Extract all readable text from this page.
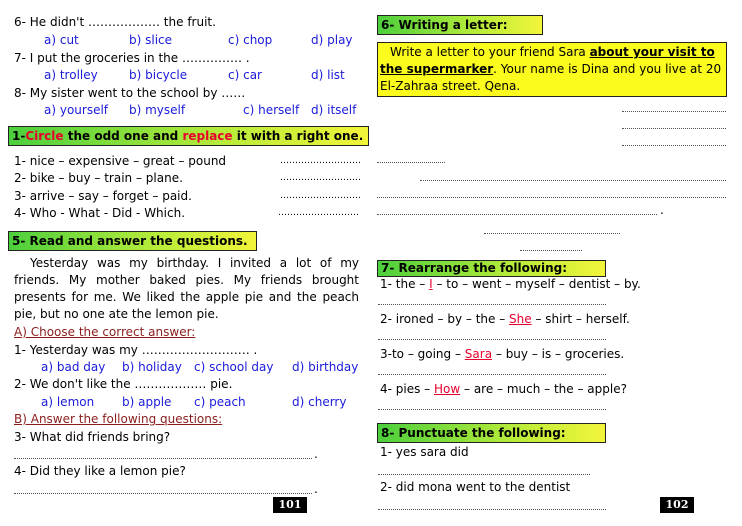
6- He didn't ……………… the fruit.
a) cut	b) slice	c) chop	d) play
7- I put the groceries in the …………… .
a) trolley	b) bicycle	c) car	d) list
8- My sister went to the school by ……
a) yourself b) myself	c) herself d) itself
1-Circle the odd one and replace it with a right one.
1- nice – expensive – great – pound	………………………
2- bike – buy – train – plane.	………………………
3- arrive – say – forget – paid.	………………………
4- Who - What - Did - Which.	………………………
5- Read and answer the questions.
Yesterday was my birthday. I invited a lot of my friends. My mother baked pies. My friends brought presents for me. We liked the apple pie and the peach pie, but no one ate the lemon pie.
A) Choose the correct answer:
1- Yesterday was my ……………………… .
a) bad day b) holiday c) school day d) birthday
2- We don't like the ……………… pie.
a) lemon b) apple c) peach	d) cherry
B) Answer the following questions:
3- What did friends bring?
.
4- Did they like a lemon pie?
.
101
6- Writing a letter:
Write a letter to your friend Sara about your visit to the supermarker. Your name is Dina and you live at 20 El-Zahraa street. Qena.
.
7- Rearrange the following:
1- the – I – to – went – myself – dentist – by.
2- ironed – by – the – She – shirt – herself.
3-to – going – Sara – buy – is – groceries.
4- pies – How – are – much – the – apple?
8- Punctuate the following:
1- yes sara did
2- did mona went to the dentist
102
